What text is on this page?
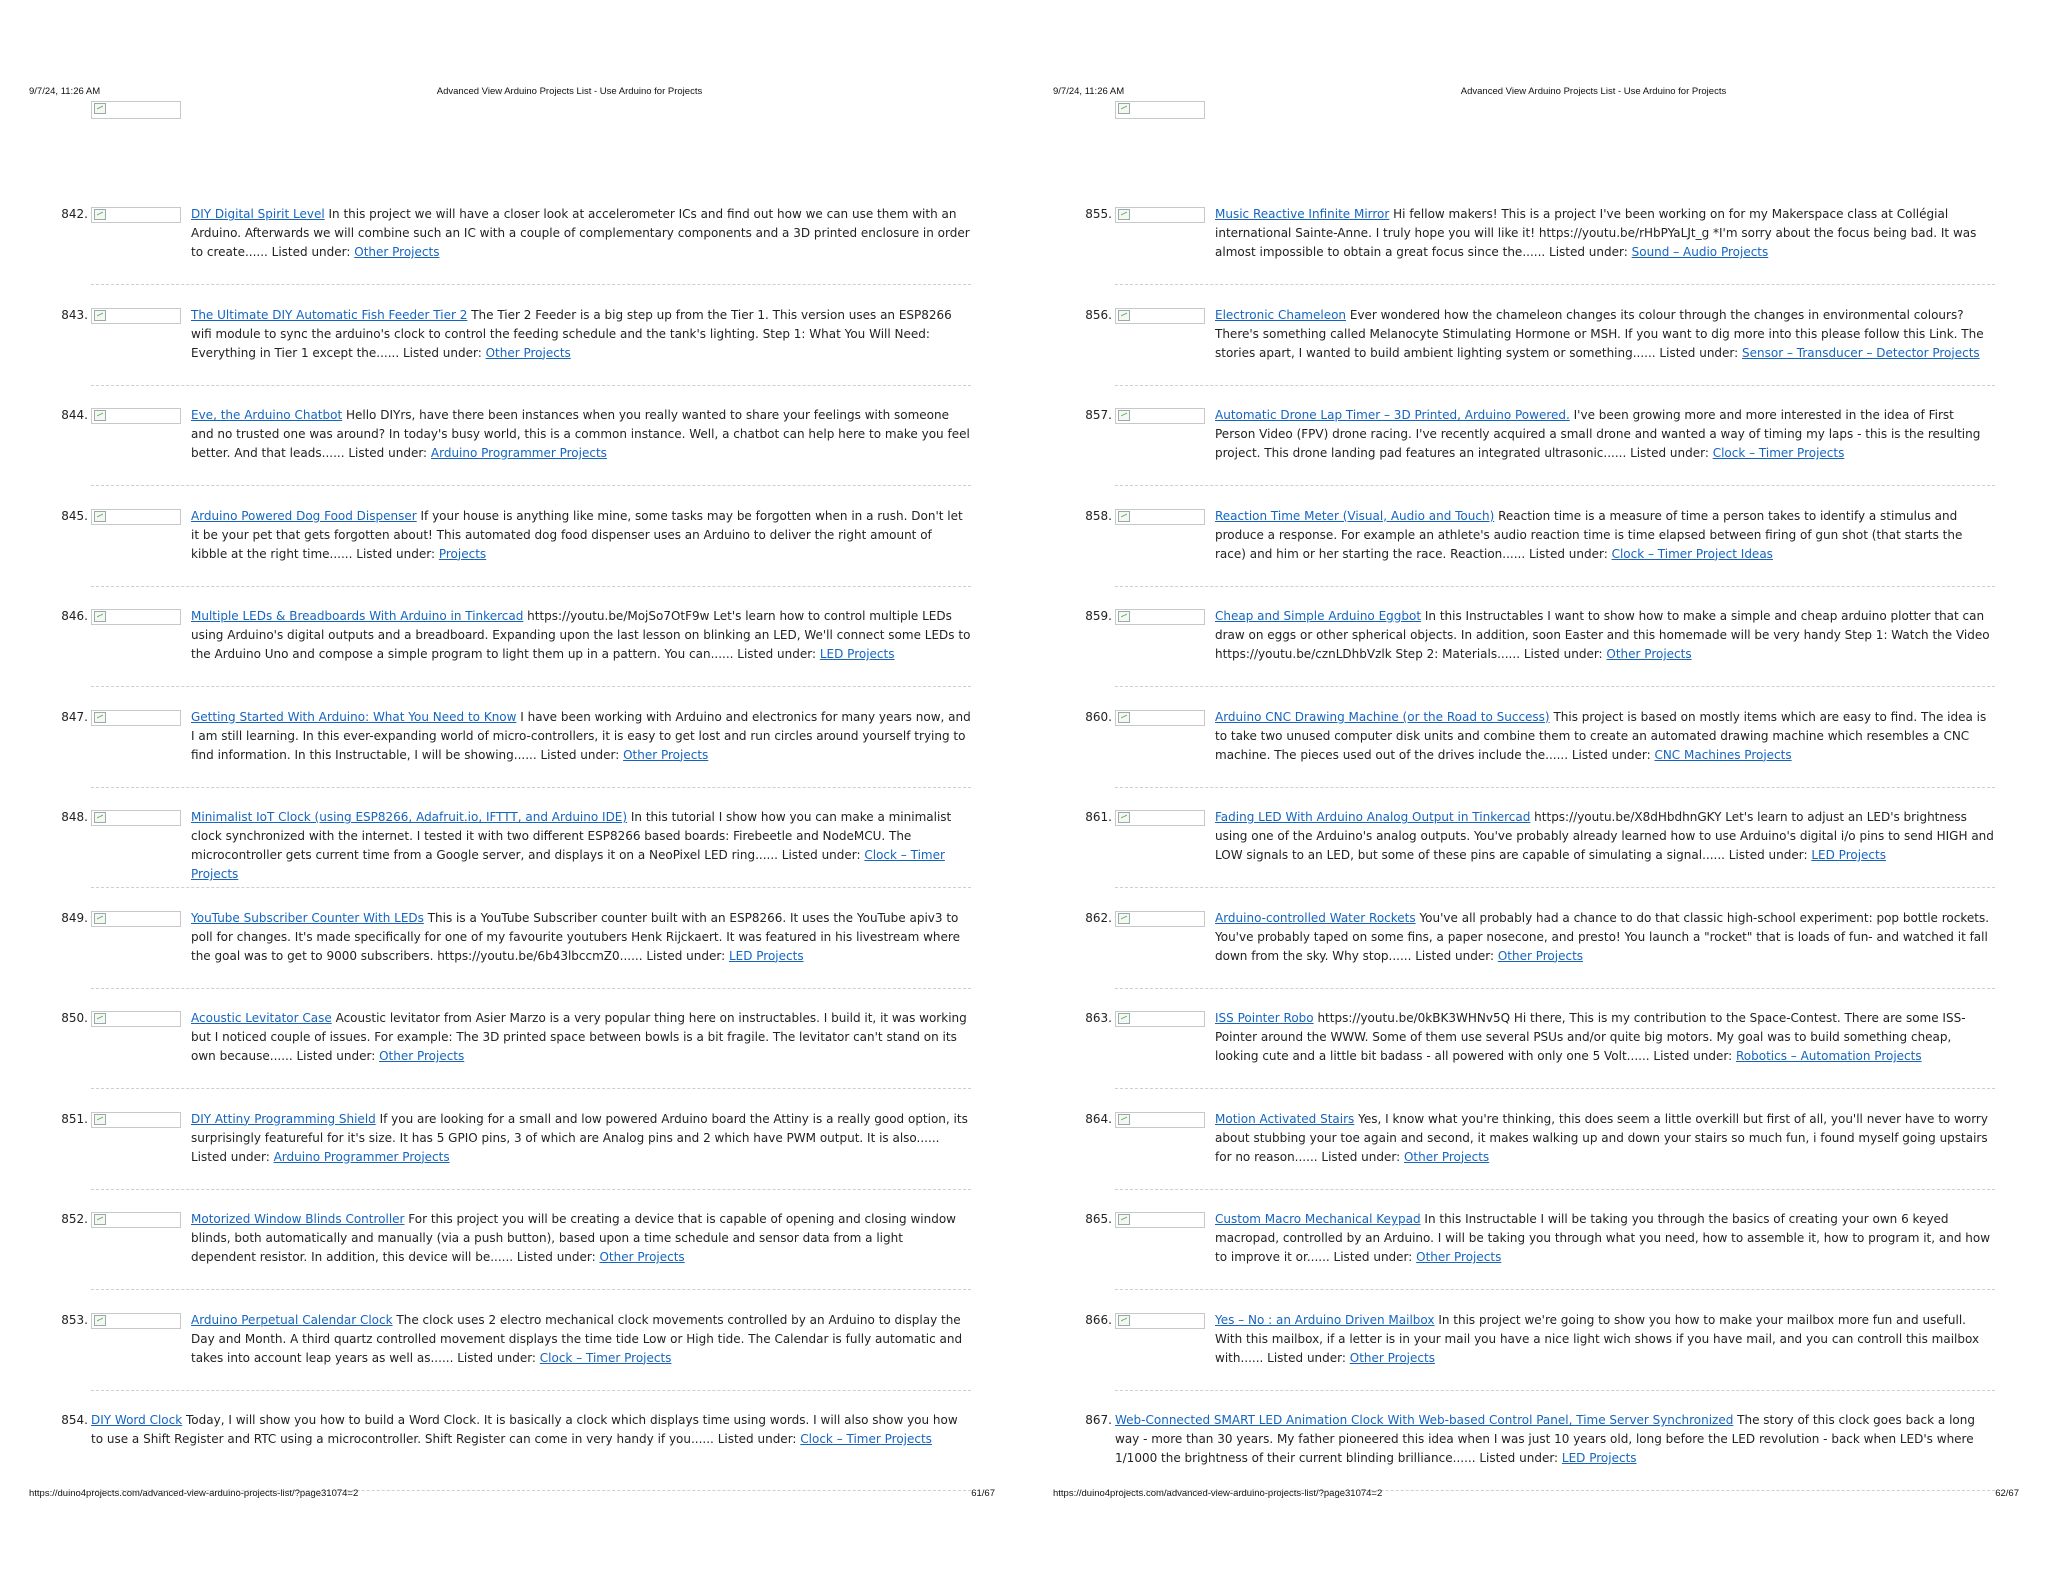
9/7/24, 11:26 AM	Advanced View Arduino Projects List - Use Arduino for Projects
842.	DIY Digital Spirit Level In this project we will have a closer look at accelerometer ICs and find out how we can use them with an Arduino. Afterwards we will combine such an IC with a couple of complementary components and a 3D printed enclosure in order to create...... Listed under: Other Projects
843.	The Ultimate DIY Automatic Fish Feeder Tier 2 The Tier 2 Feeder is a big step up from the Tier 1. This version uses an ESP8266 wifi module to sync the arduino's clock to control the feeding schedule and the tank's lighting. Step 1: What You Will Need: Everything in Tier 1 except the...... Listed under: Other Projects
844.	Eve, the Arduino Chatbot Hello DIYrs, have there been instances when you really wanted to share your feelings with someone and no trusted one was around? In today's busy world, this is a common instance. Well, a chatbot can help here to make you feel better. And that leads...... Listed under: Arduino Programmer Projects
845.	Arduino Powered Dog Food Dispenser If your house is anything like mine, some tasks may be forgotten when in a rush. Don't let it be your pet that gets forgotten about! This automated dog food dispenser uses an Arduino to deliver the right amount of kibble at the right time...... Listed under: Projects
846.	Multiple LEDs & Breadboards With Arduino in Tinkercad https://youtu.be/MojSo7OtF9w Let's learn how to control multiple LEDs using Arduino's digital outputs and a breadboard. Expanding upon the last lesson on blinking an LED, We'll connect some LEDs to the Arduino Uno and compose a simple program to light them up in a pattern. You can...... Listed under: LED Projects
847.	Getting Started With Arduino: What You Need to Know I have been working with Arduino and electronics for many years now, and I am still learning. In this ever-expanding world of micro-controllers, it is easy to get lost and run circles around yourself trying to find information. In this Instructable, I will be showing...... Listed under: Other Projects
848.	Minimalist IoT Clock (using ESP8266, Adafruit.io, IFTTT, and Arduino IDE) In this tutorial I show how you can make a minimalist clock synchronized with the internet. I tested it with two different ESP8266 based boards: Firebeetle and NodeMCU. The microcontroller gets current time from a Google server, and displays it on a NeoPixel LED ring...... Listed under: Clock – Timer Projects
849.	YouTube Subscriber Counter With LEDs This is a YouTube Subscriber counter built with an ESP8266. It uses the YouTube apiv3 to poll for changes. It's made specifically for one of my favourite youtubers Henk Rijckaert. It was featured in his livestream where the goal was to get to 9000 subscribers. https://youtu.be/6b43lbccmZ0...... Listed under: LED Projects
850.	Acoustic Levitator Case Acoustic levitator from Asier Marzo is a very popular thing here on instructables. I build it, it was working but I noticed couple of issues. For example: The 3D printed space between bowls is a bit fragile. The levitator can't stand on its own because...... Listed under: Other Projects
851.	DIY Attiny Programming Shield If you are looking for a small and low powered Arduino board the Attiny is a really good option, its surprisingly featureful for it's size. It has 5 GPIO pins, 3 of which are Analog pins and 2 which have PWM output. It is also...... Listed under: Arduino Programmer Projects
852.	Motorized Window Blinds Controller For this project you will be creating a device that is capable of opening and closing window blinds, both automatically and manually (via a push button), based upon a time schedule and sensor data from a light dependent resistor. In addition, this device will be...... Listed under: Other Projects
853.	Arduino Perpetual Calendar Clock The clock uses 2 electro mechanical clock movements controlled by an Arduino to display the Day and Month. A third quartz controlled movement displays the time tide Low or High tide. The Calendar is fully automatic and takes into account leap years as well as...... Listed under: Clock – Timer Projects
854. DIY Word Clock Today, I will show you how to build a Word Clock. It is basically a clock which displays time using words. I will also show you how to use a Shift Register and RTC using a microcontroller. Shift Register can come in very handy if you...... Listed under: Clock – Timer Projects
https://duino4projects.com/advanced-view-arduino-projects-list/?page31074=2	61/67
9/7/24, 11:26 AM	Advanced View Arduino Projects List - Use Arduino for Projects
855.	Music Reactive Infinite Mirror Hi fellow makers! This is a project I've been working on for my Makerspace class at Collégial international Sainte-Anne. I truly hope you will like it! https://youtu.be/rHbPYaLJt_g *I'm sorry about the focus being bad. It was almost impossible to obtain a great focus since the...... Listed under: Sound – Audio Projects
856.	Electronic Chameleon Ever wondered how the chameleon changes its colour through the changes in environmental colours? There's something called Melanocyte Stimulating Hormone or MSH. If you want to dig more into this please follow this Link. The stories apart, I wanted to build ambient lighting system or something...... Listed under: Sensor – Transducer – Detector Projects
857.	Automatic Drone Lap Timer – 3D Printed, Arduino Powered. I've been growing more and more interested in the idea of First Person Video (FPV) drone racing. I've recently acquired a small drone and wanted a way of timing my laps - this is the resulting project. This drone landing pad features an integrated ultrasonic...... Listed under: Clock – Timer Projects
858.	Reaction Time Meter (Visual, Audio and Touch) Reaction time is a measure of time a person takes to identify a stimulus and produce a response. For example an athlete's audio reaction time is time elapsed between firing of gun shot (that starts the race) and him or her starting the race. Reaction...... Listed under: Clock – Timer Project Ideas
859.	Cheap and Simple Arduino Eggbot In this Instructables I want to show how to make a simple and cheap arduino plotter that can draw on eggs or other spherical objects. In addition, soon Easter and this homemade will be very handy Step 1: Watch the Video https://youtu.be/cznLDhbVzlk Step 2: Materials...... Listed under: Other Projects
860.	Arduino CNC Drawing Machine (or the Road to Success) This project is based on mostly items which are easy to find. The idea is to take two unused computer disk units and combine them to create an automated drawing machine which resembles a CNC machine. The pieces used out of the drives include the...... Listed under: CNC Machines Projects
861.	Fading LED With Arduino Analog Output in Tinkercad https://youtu.be/X8dHbdhnGKY Let's learn to adjust an LED's brightness using one of the Arduino's analog outputs. You've probably already learned how to use Arduino's digital i/o pins to send HIGH and LOW signals to an LED, but some of these pins are capable of simulating a signal...... Listed under: LED Projects
862.	Arduino-controlled Water Rockets You've all probably had a chance to do that classic high-school experiment: pop bottle rockets. You've probably taped on some fins, a paper nosecone, and presto! You launch a "rocket" that is loads of fun- and watched it fall down from the sky. Why stop...... Listed under: Other Projects
863.	ISS Pointer Robo https://youtu.be/0kBK3WHNv5Q Hi there, This is my contribution to the Space-Contest. There are some ISS-Pointer around the WWW. Some of them use several PSUs and/or quite big motors. My goal was to build something cheap, looking cute and a little bit badass - all powered with only one 5 Volt...... Listed under: Robotics – Automation Projects
864.	Motion Activated Stairs Yes, I know what you're thinking, this does seem a little overkill but first of all, you'll never have to worry about stubbing your toe again and second, it makes walking up and down your stairs so much fun, i found myself going upstairs for no reason...... Listed under: Other Projects
865.	Custom Macro Mechanical Keypad In this Instructable I will be taking you through the basics of creating your own 6 keyed macropad, controlled by an Arduino. I will be taking you through what you need, how to assemble it, how to program it, and how to improve it or...... Listed under: Other Projects
866.	Yes – No : an Arduino Driven Mailbox In this project we're going to show you how to make your mailbox more fun and usefull. With this mailbox, if a letter is in your mail you have a nice light wich shows if you have mail, and you can controll this mailbox with...... Listed under: Other Projects
867. Web-Connected SMART LED Animation Clock With Web-based Control Panel, Time Server Synchronized The story of this clock goes back a long way - more than 30 years. My father pioneered this idea when I was just 10 years old, long before the LED revolution - back when LED's where 1/1000 the brightness of their current blinding brilliance...... Listed under: LED Projects
https://duino4projects.com/advanced-view-arduino-projects-list/?page31074=2	62/67
